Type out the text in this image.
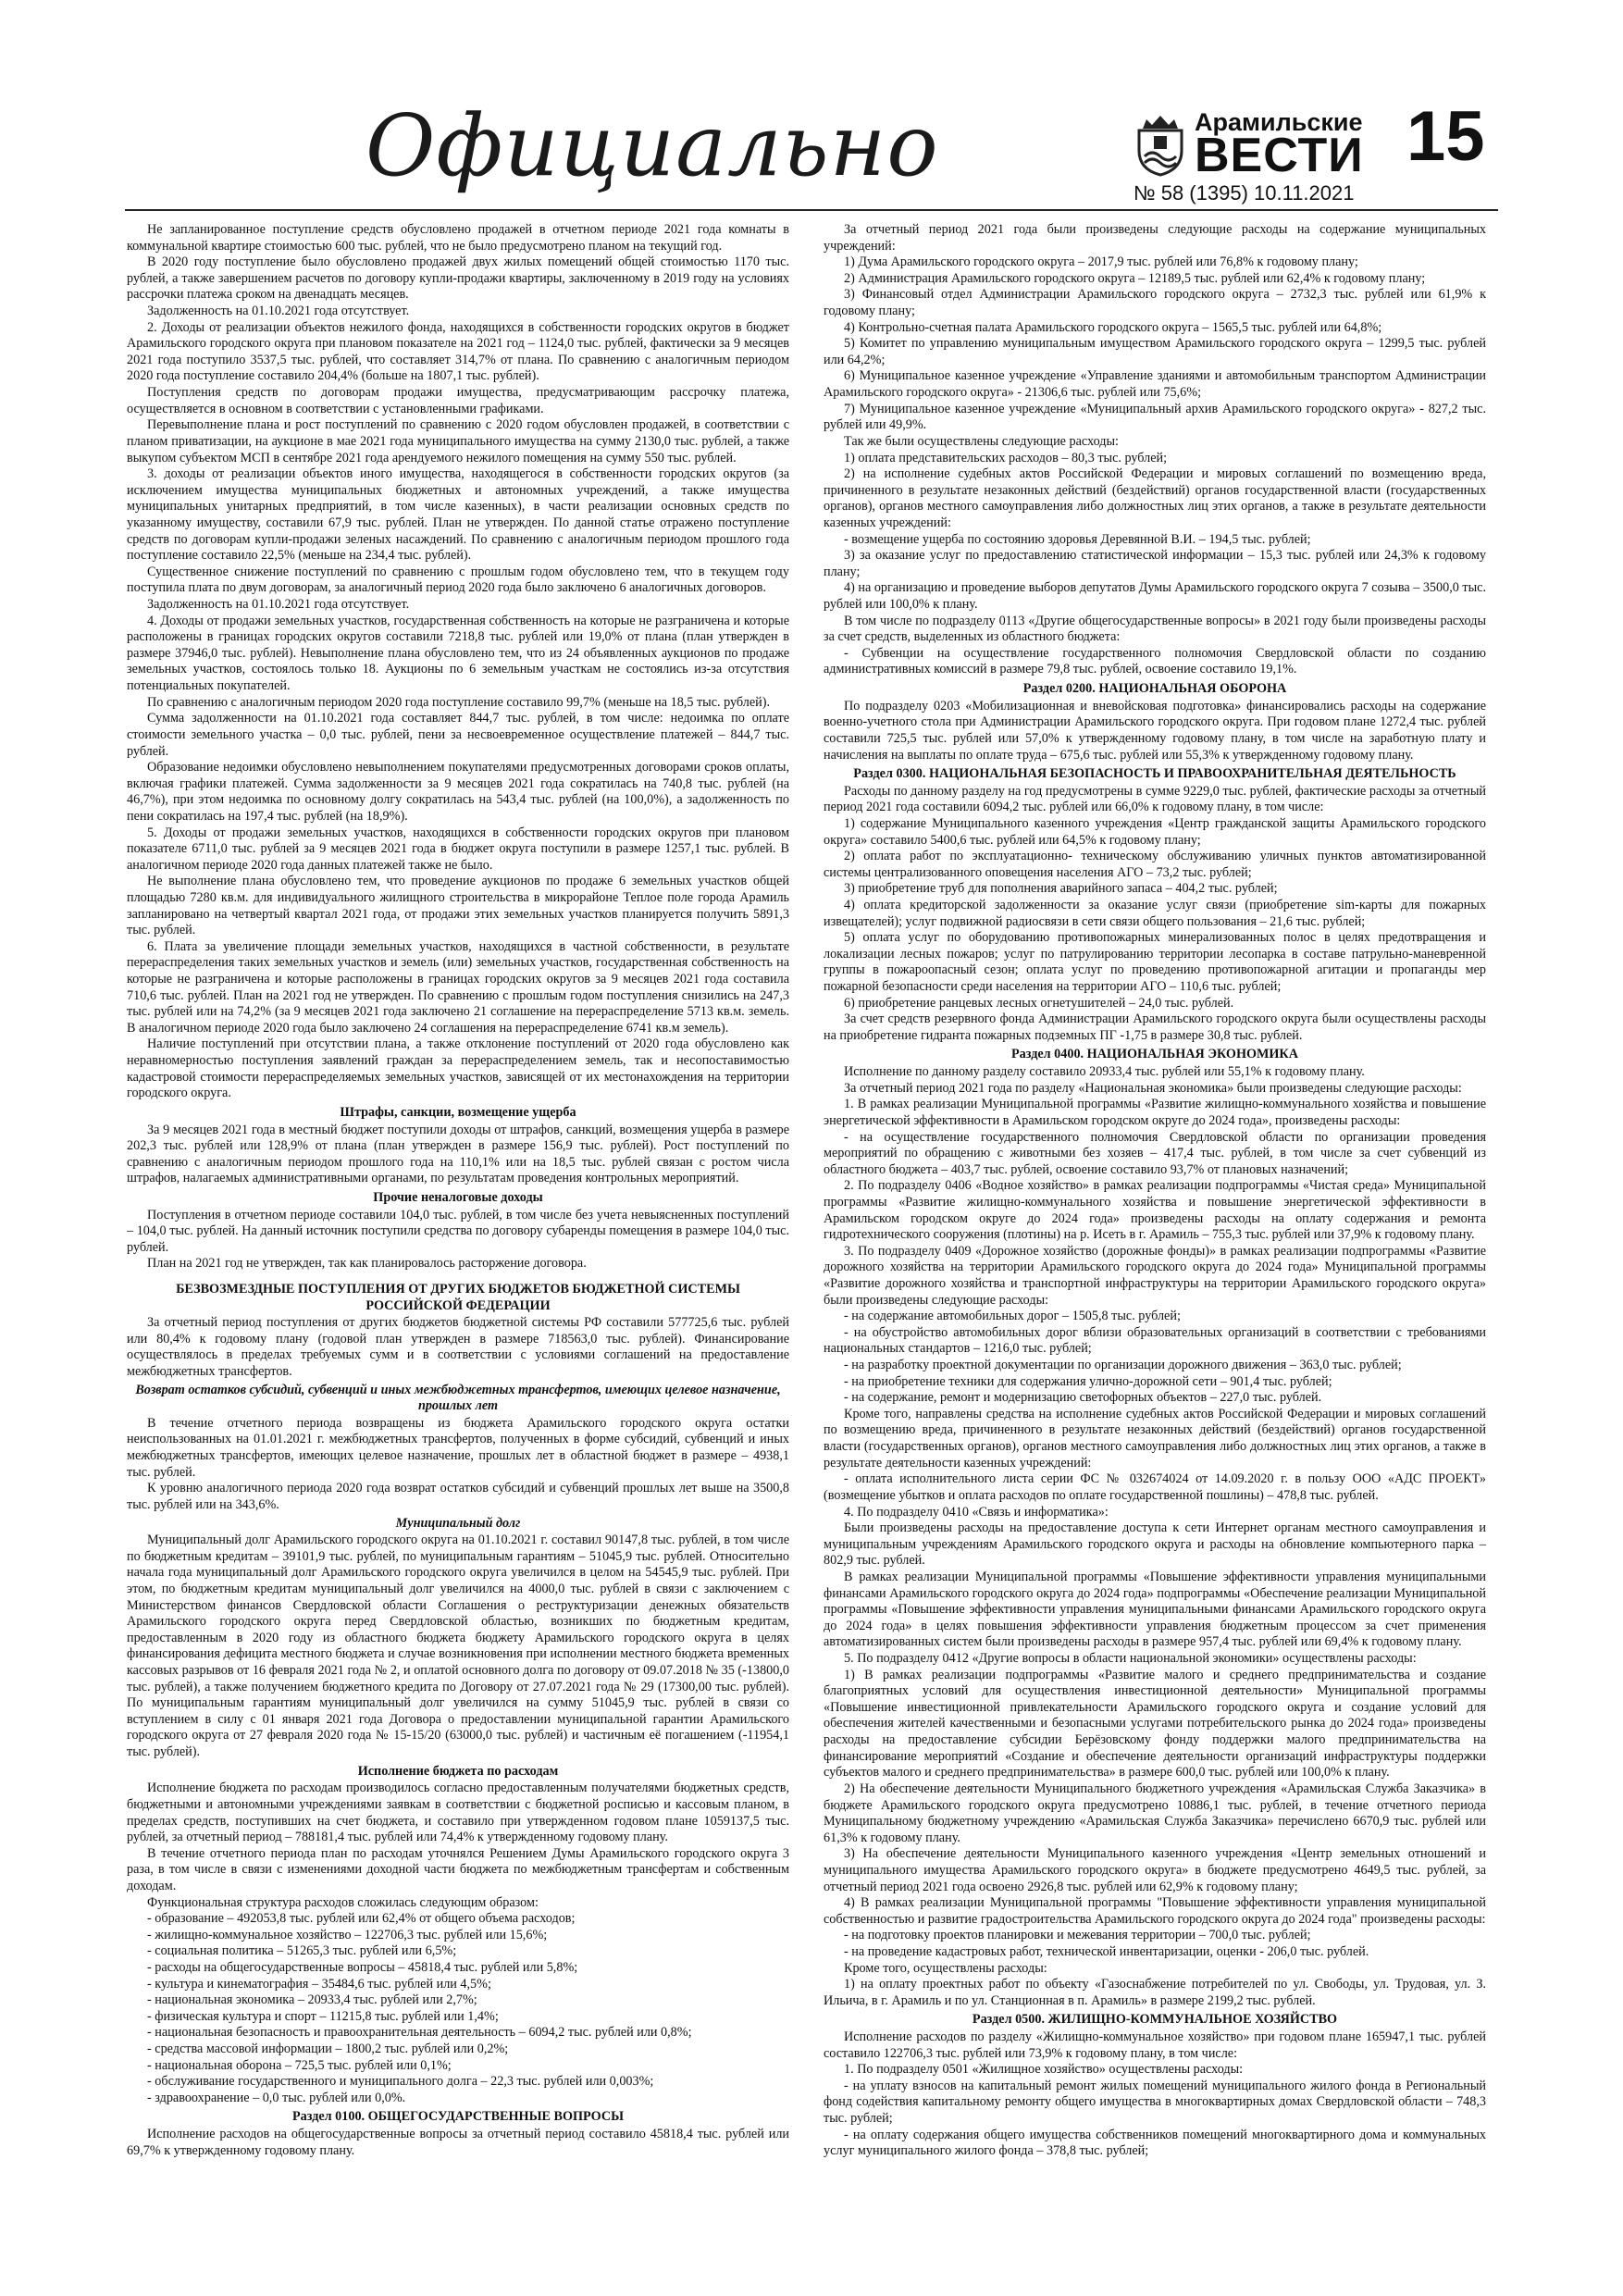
Официально	Арамильские
ВЕСТИ 15
№ 58 (1395) 10.11.2021

Не запланированное поступление средств обусловлено продажей в отчетном периоде 2021 года комнаты в коммунальной квартире стоимостью 600 тыс. рублей, что не было предусмотрено планом на текущий год.

В 2020 году поступление было обусловлено продажей двух жилых помещений общей стоимостью 1170 тыс. рублей, а также завершением расчетов по договору купли-продажи квартиры, заключенному в 2019 году на условиях рассрочки платежа сроком на двенадцать месяцев.

Задолженность на 01.10.2021 года отсутствует.

2. Доходы от реализации объектов нежилого фонда, находящихся в собственности городских округов в бюджет Арамильского городского округа при плановом показателе на 2021 год – 1124,0 тыс. рублей, фактически за 9 месяцев 2021 года поступило 3537,5 тыс. рублей, что составляет 314,7% от плана. По сравнению с аналогичным периодом 2020 года поступление составило 204,4% (больше на 1807,1 тыс. рублей).

Поступления средств по договорам продажи имущества, предусматривающим рассрочку платежа, осуществляется в основном в соответствии с установленными графиками.

Перевыполнение плана и рост поступлений по сравнению с 2020 годом обусловлен продажей, в соответствии с планом приватизации, на аукционе в мае 2021 года муниципального имущества на сумму 2130,0 тыс. рублей, а также выкупом субъектом МСП в сентябре 2021 года арендуемого нежилого помещения на сумму 550 тыс. рублей.

3. доходы от реализации объектов иного имущества, находящегося в собственности городских округов (за исключением имущества муниципальных бюджетных и автономных учреждений, а также имущества муниципальных унитарных предприятий, в том числе казенных), в части реализации основных средств по указанному имуществу, составили 67,9 тыс. рублей. План не утвержден. По данной статье отражено поступление средств по договорам купли-продажи зеленых насаждений. По сравнению с аналогичным периодом прошлого года поступление составило 22,5% (меньше на 234,4 тыс. рублей).

Существенное снижение поступлений по сравнению с прошлым годом обусловлено тем, что в текущем году поступила плата по двум договорам, за аналогичный период 2020 года было заключено 6 аналогичных договоров.

Задолженность на 01.10.2021 года отсутствует.

4. Доходы от продажи земельных участков, государственная собственность на которые не разграничена и которые расположены в границах городских округов составили 7218,8 тыс. рублей или 19,0% от плана (план утвержден в размере 37946,0 тыс. рублей). Невыполнение плана обусловлено тем, что из 24 объявленных аукционов по продаже земельных участков, состоялось только 18. Аукционы по 6 земельным участкам не состоялись из-за отсутствия потенциальных покупателей.

По сравнению с аналогичным периодом 2020 года поступление составило 99,7% (меньше на 18,5 тыс. рублей).

Сумма задолженности на 01.10.2021 года составляет 844,7 тыс. рублей, в том числе: недоимка по оплате стоимости земельного участка – 0,0 тыс. рублей, пени за несвоевременное осуществление платежей – 844,7 тыс. рублей.

Образование недоимки обусловлено невыполнением покупателями предусмотренных договорами сроков оплаты, включая графики платежей. Сумма задолженности за 9 месяцев 2021 года сократилась на 740,8 тыс. рублей (на 46,7%), при этом недоимка по основному долгу сократилась на 543,4 тыс. рублей (на 100,0%), а задолженность по пени сократилась на 197,4 тыс. рублей (на 18,9%).

5. Доходы от продажи земельных участков, находящихся в собственности городских округов при плановом показателе 6711,0 тыс. рублей за 9 месяцев 2021 года в бюджет округа поступили в размере 1257,1 тыс. рублей. В аналогичном периоде 2020 года данных платежей также не было.

Не выполнение плана обусловлено тем, что проведение аукционов по продаже 6 земельных участков общей площадью 7280 кв.м. для индивидуального жилищного строительства в микрорайоне Теплое поле города Арамиль запланировано на четвертый квартал 2021 года, от продажи этих земельных участков планируется получить 5891,3 тыс. рублей.

6. Плата за увеличение площади земельных участков, находящихся в частной собственности, в результате перераспределения таких земельных участков и земель (или) земельных участков, государственная собственность на которые не разграничена и которые расположены в границах городских округов за 9 месяцев 2021 года составила 710,6 тыс. рублей. План на 2021 год не утвержден. По сравнению с прошлым годом поступления снизились на 247,3 тыс. рублей или на 74,2% (за 9 месяцев 2021 года заключено 21 соглашение на перераспределение 5713 кв.м. земель. В аналогичном периоде 2020 года было заключено 24 соглашения на перераспределение 6741 кв.м земель).

Наличие поступлений при отсутствии плана, а также отклонение поступлений от 2020 года обусловлено как неравномерностью поступления заявлений граждан за перераспределением земель, так и несопоставимостью кадастровой стоимости перераспределяемых земельных участков, зависящей от их местонахождения на территории городского округа.

Штрафы, санкции, возмещение ущерба

За 9 месяцев 2021 года в местный бюджет поступили доходы от штрафов, санкций, возмещения ущерба в размере 202,3 тыс. рублей или 128,9% от плана (план утвержден в размере 156,9 тыс. рублей). Рост поступлений по сравнению с аналогичным периодом прошлого года на 110,1% или на 18,5 тыс. рублей связан с ростом числа штрафов, налагаемых административными органами, по результатам проведения контрольных мероприятий.

Прочие неналоговые доходы

Поступления в отчетном периоде составили 104,0 тыс. рублей, в том числе без учета невыясненных поступлений – 104,0 тыс. рублей. На данный источник поступили средства по договору субаренды помещения в размере 104,0 тыс. рублей.

План на 2021 год не утвержден, так как планировалось расторжение договора.

БЕЗВОЗМЕЗДНЫЕ ПОСТУПЛЕНИЯ ОТ ДРУГИХ БЮДЖЕТОВ БЮДЖЕТНОЙ СИСТЕМЫ РОССИЙСКОЙ ФЕДЕРАЦИИ

За отчетный период поступления от других бюджетов бюджетной системы РФ составили 577725,6 тыс. рублей или 80,4% к годовому плану (годовой план утвержден в размере 718563,0 тыс. рублей). Финансирование осуществлялось в пределах требуемых сумм и в соответствии с условиями соглашений на предоставление межбюджетных трансфертов.

Возврат остатков субсидий, субвенций и иных межбюджетных трансфертов, имеющих целевое назначение, прошлых лет

В течение отчетного периода возвращены из бюджета Арамильского городского округа остатки неиспользованных на 01.01.2021 г. межбюджетных трансфертов, полученных в форме субсидий, субвенций и иных межбюджетных трансфертов, имеющих целевое назначение, прошлых лет в областной бюджет в размере – 4938,1 тыс. рублей.

К уровню аналогичного периода 2020 года возврат остатков субсидий и субвенций прошлых лет выше на 3500,8 тыс. рублей или на 343,6%.

Муниципальный долг

Муниципальный долг Арамильского городского округа на 01.10.2021 г. составил 90147,8 тыс. рублей, в том числе по бюджетным кредитам – 39101,9 тыс. рублей, по муниципальным гарантиям – 51045,9 тыс. рублей. Относительно начала года муниципальный долг Арамильского городского округа увеличился в целом на 54545,9 тыс. рублей. При этом, по бюджетным кредитам муниципальный долг увеличился на 4000,0 тыс. рублей в связи с заключением с Министерством финансов Свердловской области Соглашения о реструктуризации денежных обязательств Арамильского городского округа перед Свердловской областью, возникших по бюджетным кредитам, предоставленным в 2020 году из областного бюджета бюджету Арамильского городского округа в целях финансирования дефицита местного бюджета и случае возникновения при исполнении местного бюджета временных кассовых разрывов от 16 февраля 2021 года № 2, и оплатой основного долга по договору от 09.07.2018 № 35 (-13800,0 тыс. рублей), а также получением бюджетного кредита по Договору от 27.07.2021 года № 29 (17300,00 тыс. рублей). По муниципальным гарантиям муниципальный долг увеличился на сумму 51045,9 тыс. рублей в связи со вступлением в силу с 01 января 2021 года Договора о предоставлении муниципальной гарантии Арамильского городского округа от 27 февраля 2020 года № 15-15/20 (63000,0 тыс. рублей) и частичным её погашением (-11954,1 тыс. рублей).

Исполнение бюджета по расходам

Исполнение бюджета по расходам производилось согласно предоставленным получателями бюджетных средств, бюджетными и автономными учреждениями заявкам в соответствии с бюджетной росписью и кассовым планом, в пределах средств, поступивших на счет бюджета, и составило при утвержденном годовом плане 1059137,5 тыс. рублей, за отчетный период – 788181,4 тыс. рублей или 74,4% к утвержденному годовому плану.

В течение отчетного периода план по расходам уточнялся Решением Думы Арамильского городского округа 3 раза, в том числе в связи с изменениями доходной части бюджета по межбюджетным трансфертам и собственным доходам.

Функциональная структура расходов сложилась следующим образом:

- образование – 492053,8 тыс. рублей или 62,4% от общего объема расходов;

- жилищно-коммунальное хозяйство – 122706,3 тыс. рублей или 15,6%;

- социальная политика – 51265,3 тыс. рублей или 6,5%;

- расходы на общегосударственные вопросы – 45818,4 тыс. рублей или 5,8%;

- культура и кинематография – 35484,6 тыс. рублей или 4,5%;

- национальная экономика – 20933,4 тыс. рублей или 2,7%;

- физическая культура и спорт – 11215,8 тыс. рублей или 1,4%;

- национальная безопасность и правоохранительная деятельность – 6094,2 тыс. рублей или 0,8%;

- средства массовой информации – 1800,2 тыс. рублей или 0,2%;

- национальная оборона – 725,5 тыс. рублей или 0,1%;

- обслуживание государственного и муниципального долга – 22,3 тыс. рублей или 0,003%;

- здравоохранение – 0,0 тыс. рублей или 0,0%.

Раздел 0100. ОБЩЕГОСУДАРСТВЕННЫЕ ВОПРОСЫ

Исполнение расходов на общегосударственные вопросы за отчетный период составило 45818,4 тыс. рублей или 69,7% к утвержденному годовому плану.

За отчетный период 2021 года были произведены следующие расходы на содержание муниципальных учреждений:

1) Дума Арамильского городского округа – 2017,9 тыс. рублей или 76,8% к годовому плану;

2) Администрация Арамильского городского округа – 12189,5 тыс. рублей или 62,4% к годовому плану;

3) Финансовый отдел Администрации Арамильского городского округа – 2732,3 тыс. рублей или 61,9% к годовому плану;

4) Контрольно-счетная палата Арамильского городского округа – 1565,5 тыс. рублей или 64,8%;

5) Комитет по управлению муниципальным имуществом Арамильского городского округа – 1299,5 тыс. рублей или 64,2%;

6) Муниципальное казенное учреждение «Управление зданиями и автомобильным транспортом Администрации Арамильского городского округа» - 21306,6 тыс. рублей или 75,6%;

7) Муниципальное казенное учреждение «Муниципальный архив Арамильского городского округа» - 827,2 тыс. рублей или 49,9%.

Так же были осуществлены следующие расходы:

1) оплата представительских расходов – 80,3 тыс. рублей;

2) на исполнение судебных актов Российской Федерации и мировых соглашений по возмещению вреда, причиненного в результате незаконных действий (бездействий) органов государственной власти (государственных органов), органов местного самоуправления либо должностных лиц этих органов, а также в результате деятельности казенных учреждений:

- возмещение ущерба по состоянию здоровья Деревянной В.И. – 194,5 тыс. рублей;

3) за оказание услуг по предоставлению статистической информации – 15,3 тыс. рублей или 24,3% к годовому плану;

4) на организацию и проведение выборов депутатов Думы Арамильского городского округа 7 созыва – 3500,0 тыс. рублей или 100,0% к плану.

В том числе по подразделу 0113 «Другие общегосударственные вопросы» в 2021 году были произведены расходы за счет средств, выделенных из областного бюджета:

- Субвенции на осуществление государственного полномочия Свердловской области по созданию административных комиссий в размере 79,8 тыс. рублей, освоение составило 19,1%.

Раздел 0200. НАЦИОНАЛЬНАЯ ОБОРОНА

По подразделу 0203 «Мобилизационная и вневойсковая подготовка» финансировались расходы на содержание военно-учетного стола при Администрации Арамильского городского округа. При годовом плане 1272,4 тыс. рублей составили 725,5 тыс. рублей или 57,0% к утвержденному годовому плану, в том числе на заработную плату и начисления на выплаты по оплате труда – 675,6 тыс. рублей или 55,3% к утвержденному годовому плану.

Раздел 0300. НАЦИОНАЛЬНАЯ БЕЗОПАСНОСТЬ И ПРАВООХРАНИТЕЛЬНАЯ ДЕЯТЕЛЬНОСТЬ

Расходы по данному разделу на год предусмотрены в сумме 9229,0 тыс. рублей, фактические расходы за отчетный период 2021 года составили 6094,2 тыс. рублей или 66,0% к годовому плану, в том числе:

1) содержание Муниципального казенного учреждения «Центр гражданской защиты Арамильского городского округа» составило 5400,6 тыс. рублей или 64,5% к годовому плану;

2) оплата работ по эксплуатационно- техническому обслуживанию уличных пунктов автоматизированной системы централизованного оповещения населения АГО – 73,2 тыс. рублей;

3) приобретение труб для пополнения аварийного запаса – 404,2 тыс. рублей;

4) оплата кредиторской задолженности за оказание услуг связи (приобретение sim-карты для пожарных извещателей); услуг подвижной радиосвязи в сети связи общего пользования – 21,6 тыс. рублей;

5) оплата услуг по оборудованию противопожарных минерализованных полос в целях предотвращения и локализации лесных пожаров; услуг по патрулированию территории лесопарка в составе патрульно-маневренной группы в пожароопасный сезон; оплата услуг по проведению противопожарной агитации и пропаганды мер пожарной безопасности среди населения на территории АГО – 110,6 тыс. рублей;

6) приобретение ранцевых лесных огнетушителей – 24,0 тыс. рублей.

За счет средств резервного фонда Администрации Арамильского городского округа были осуществлены расходы на приобретение гидранта пожарных подземных ПГ -1,75 в размере 30,8 тыс. рублей.

Раздел 0400. НАЦИОНАЛЬНАЯ ЭКОНОМИКА

Исполнение по данному разделу составило 20933,4 тыс. рублей или 55,1% к годовому плану.

За отчетный период 2021 года по разделу «Национальная экономика» были произведены следующие расходы:

1. В рамках реализации Муниципальной программы «Развитие жилищно-коммунального хозяйства и повышение энергетической эффективности в Арамильском городском округе до 2024 года», произведены расходы:

- на осуществление государственного полномочия Свердловской области по организации проведения мероприятий по обращению с животными без хозяев – 417,4 тыс. рублей, в том числе за счет субвенций из областного бюджета – 403,7 тыс. рублей, освоение составило 93,7% от плановых назначений;

2. По подразделу 0406 «Водное хозяйство» в рамках реализации подпрограммы «Чистая среда» Муниципальной программы «Развитие жилищно-коммунального хозяйства и повышение энергетической эффективности в Арамильском городском округе до 2024 года» произведены расходы на оплату содержания и ремонта гидротехнического сооружения (плотины) на р. Исеть в г. Арамиль – 755,3 тыс. рублей или 37,9% к годовому плану.

3. По подразделу 0409 «Дорожное хозяйство (дорожные фонды)» в рамках реализации подпрограммы «Развитие дорожного хозяйства на территории Арамильского городского округа до 2024 года» Муниципальной программы «Развитие дорожного хозяйства и транспортной инфраструктуры на территории Арамильского городского округа» были произведены следующие расходы:

- на содержание автомобильных дорог – 1505,8 тыс. рублей;

- на обустройство автомобильных дорог вблизи образовательных организаций в соответствии с требованиями национальных стандартов – 1216,0 тыс. рублей;

- на разработку проектной документации по организации дорожного движения – 363,0 тыс. рублей;

- на приобретение техники для содержания улично-дорожной сети – 901,4 тыс. рублей;

- на содержание, ремонт и модернизацию светофорных объектов – 227,0 тыс. рублей.

Кроме того, направлены средства на исполнение судебных актов Российской Федерации и мировых соглашений по возмещению вреда, причиненного в результате незаконных действий (бездействий) органов государственной власти (государственных органов), органов местного самоуправления либо должностных лиц этих органов, а также в результате деятельности казенных учреждений:

- оплата исполнительного листа серии ФС № 032674024 от 14.09.2020 г. в пользу ООО «АДС ПРОЕКТ» (возмещение убытков и оплата расходов по оплате государственной пошлины) – 478,8 тыс. рублей.

4. По подразделу 0410 «Связь и информатика»:

Были произведены расходы на предоставление доступа к сети Интернет органам местного самоуправления и муниципальным учреждениям Арамильского городского округа и расходы на обновление компьютерного парка – 802,9 тыс. рублей.

В рамках реализации Муниципальной программы «Повышение эффективности управления муниципальными финансами Арамильского городского округа до 2024 года» подпрограммы «Обеспечение реализации Муниципальной программы «Повышение эффективности управления муниципальными финансами Арамильского городского округа до 2024 года» в целях повышения эффективности управления бюджетным процессом за счет применения автоматизированных систем были произведены расходы в размере 957,4 тыс. рублей или 69,4% к годовому плану.

5. По подразделу 0412 «Другие вопросы в области национальной экономики» осуществлены расходы:

1) В рамках реализации подпрограммы «Развитие малого и среднего предпринимательства и создание благоприятных условий для осуществления инвестиционной деятельности» Муниципальной программы «Повышение инвестиционной привлекательности Арамильского городского округа и создание условий для обеспечения жителей качественными и безопасными услугами потребительского рынка до 2024 года» произведены расходы на предоставление субсидии Берёзовскому фонду поддержки малого предпринимательства на финансирование мероприятий «Создание и обеспечение деятельности организаций инфраструктуры поддержки субъектов малого и среднего предпринимательства» в размере 600,0 тыс. рублей или 100,0% к плану.

2) На обеспечение деятельности Муниципального бюджетного учреждения «Арамильская Служба Заказчика» в бюджете Арамильского городского округа предусмотрено 10886,1 тыс. рублей, в течение отчетного периода Муниципальному бюджетному учреждению «Арамильская Служба Заказчика» перечислено 6670,9 тыс. рублей или 61,3% к годовому плану.

3) На обеспечение деятельности Муниципального казенного учреждения «Центр земельных отношений и муниципального имущества Арамильского городского округа» в бюджете предусмотрено 4649,5 тыс. рублей, за отчетный период 2021 года освоено 2926,8 тыс. рублей или 62,9% к годовому плану;

4) В рамках реализации Муниципальной программы "Повышение эффективности управления муниципальной собственностью и развитие градостроительства Арамильского городского округа до 2024 года" произведены расходы:

- на подготовку проектов планировки и межевания территории – 700,0 тыс. рублей;

- на проведение кадастровых работ, технической инвентаризации, оценки - 206,0 тыс. рублей.

Кроме того, осуществлены расходы:

1) на оплату проектных работ по объекту «Газоснабжение потребителей по ул. Свободы, ул. Трудовая, ул. З. Ильича, в г. Арамиль и по ул. Станционная в п. Арамиль» в размере 2199,2 тыс. рублей.

Раздел 0500. ЖИЛИЩНО-КОММУНАЛЬНОЕ ХОЗЯЙСТВО

Исполнение расходов по разделу «Жилищно-коммунальное хозяйство» при годовом плане 165947,1 тыс. рублей составило 122706,3 тыс. рублей или 73,9% к годовому плану, в том числе:

1. По подразделу 0501 «Жилищное хозяйство» осуществлены расходы:

- на уплату взносов на капитальный ремонт жилых помещений муниципального жилого фонда в Региональный фонд содействия капитальному ремонту общего имущества в многоквартирных домах Свердловской области – 748,3 тыс. рублей;

- на оплату содержания общего имущества собственников помещений многоквартирного дома и коммунальных услуг муниципального жилого фонда – 378,8 тыс. рублей;
